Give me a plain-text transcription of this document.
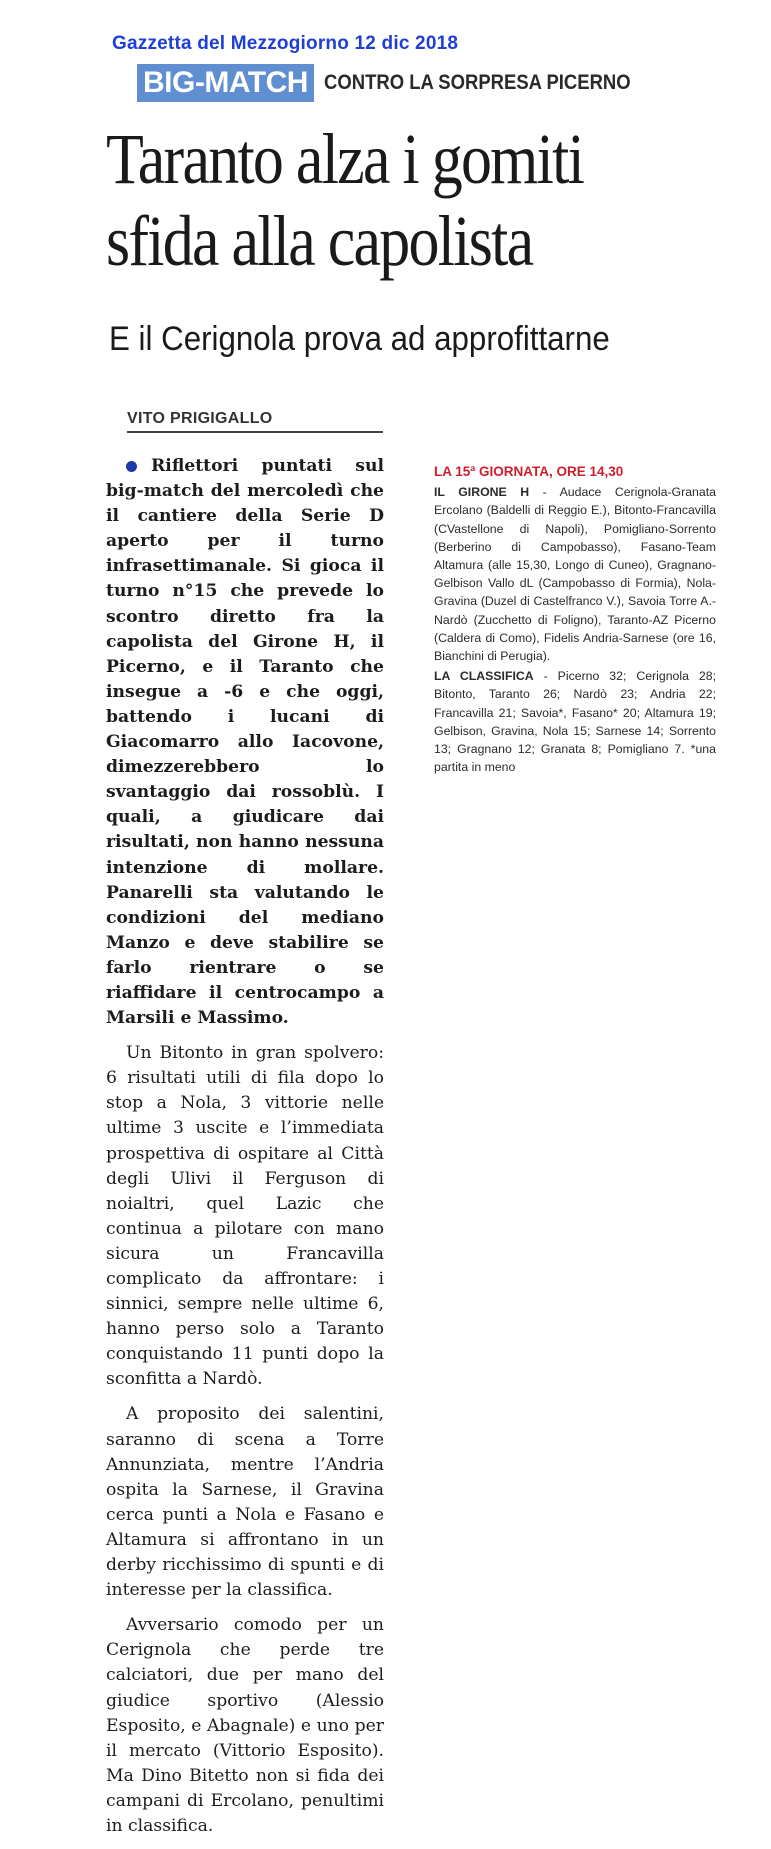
Gazzetta del Mezzogiorno 12 dic 2018
BIG-MATCH CONTRO LA SORPRESA PICERNO
Taranto alza i gomiti
sfida alla capolista
E il Cerignola prova ad approfittarne
VITO PRIGIGALLO

Riflettori puntati sul big-match del mercoledì che il cantiere della Serie D aperto per il turno infrasettimanale. Si gioca il turno n°15 che prevede lo scontro diretto fra la capolista del Girone H, il Picerno, e il Taranto che insegue a -6 e che oggi, battendo i lucani di Giacomarro allo Iacovone, dimezzerebbero lo svantaggio dai rossoblù. I quali, a giudicare dai risultati, non hanno nessuna intenzione di mollare. Panarelli sta valutando le condizioni del mediano Manzo e deve stabilire se farlo rientrare o se riaffidare il centrocampo a Marsili e Massimo.

Un Bitonto in gran spolvero: 6 risultati utili di fila dopo lo stop a Nola, 3 vittorie nelle ultime 3 uscite e l’immediata prospettiva di ospitare al Città degli Ulivi il Ferguson di noialtri, quel Lazic che continua a pilotare con mano sicura un Francavilla complicato da affrontare: i sinnici, sempre nelle ultime 6, hanno perso solo a Taranto conquistando 11 punti dopo la sconfitta a Nardò.

A proposito dei salentini, saranno di scena a Torre Annunziata, mentre l’Andria ospita la Sarnese, il Gravina cerca punti a Nola e Fasano e Altamura si affrontano in un derby ricchissimo di spunti e di interesse per la classifica.

Avversario comodo per un Cerignola che perde tre calciatori, due per mano del giudice sportivo (Alessio Esposito, e Abagnale) e uno per il mercato (Vittorio Esposito). Ma Dino Bitetto non si fida dei campani di Ercolano, penultimi in classifica.

LA 15ª GIORNATA, ORE 14,30

IL GIRONE H - Audace Cerignola-Granata Ercolano (Baldelli di Reggio E.), Bitonto-Francavilla (CVastellone di Napoli), Pomigliano-Sorrento (Berberino di Campobasso), Fasano-Team Altamura (alle 15,30, Longo di Cuneo), Gragnano-Gelbison Vallo dL (Campobasso di Formia), Nola-Gravina (Duzel di Castelfranco V.), Savoia Torre A.-Nardò (Zucchetto di Foligno), Taranto-AZ Picerno (Caldera di Como), Fidelis Andria-Sarnese (ore 16, Bianchini di Perugia).

LA CLASSIFICA - Picerno 32; Cerignola 28; Bitonto, Taranto 26; Nardò 23; Andria 22; Francavilla 21; Savoia*, Fasano* 20; Altamura 19; Gelbison, Gravina, Nola 15; Sarnese 14; Sorrento 13; Gragnano 12; Granata 8; Pomigliano 7. *una partita in meno
